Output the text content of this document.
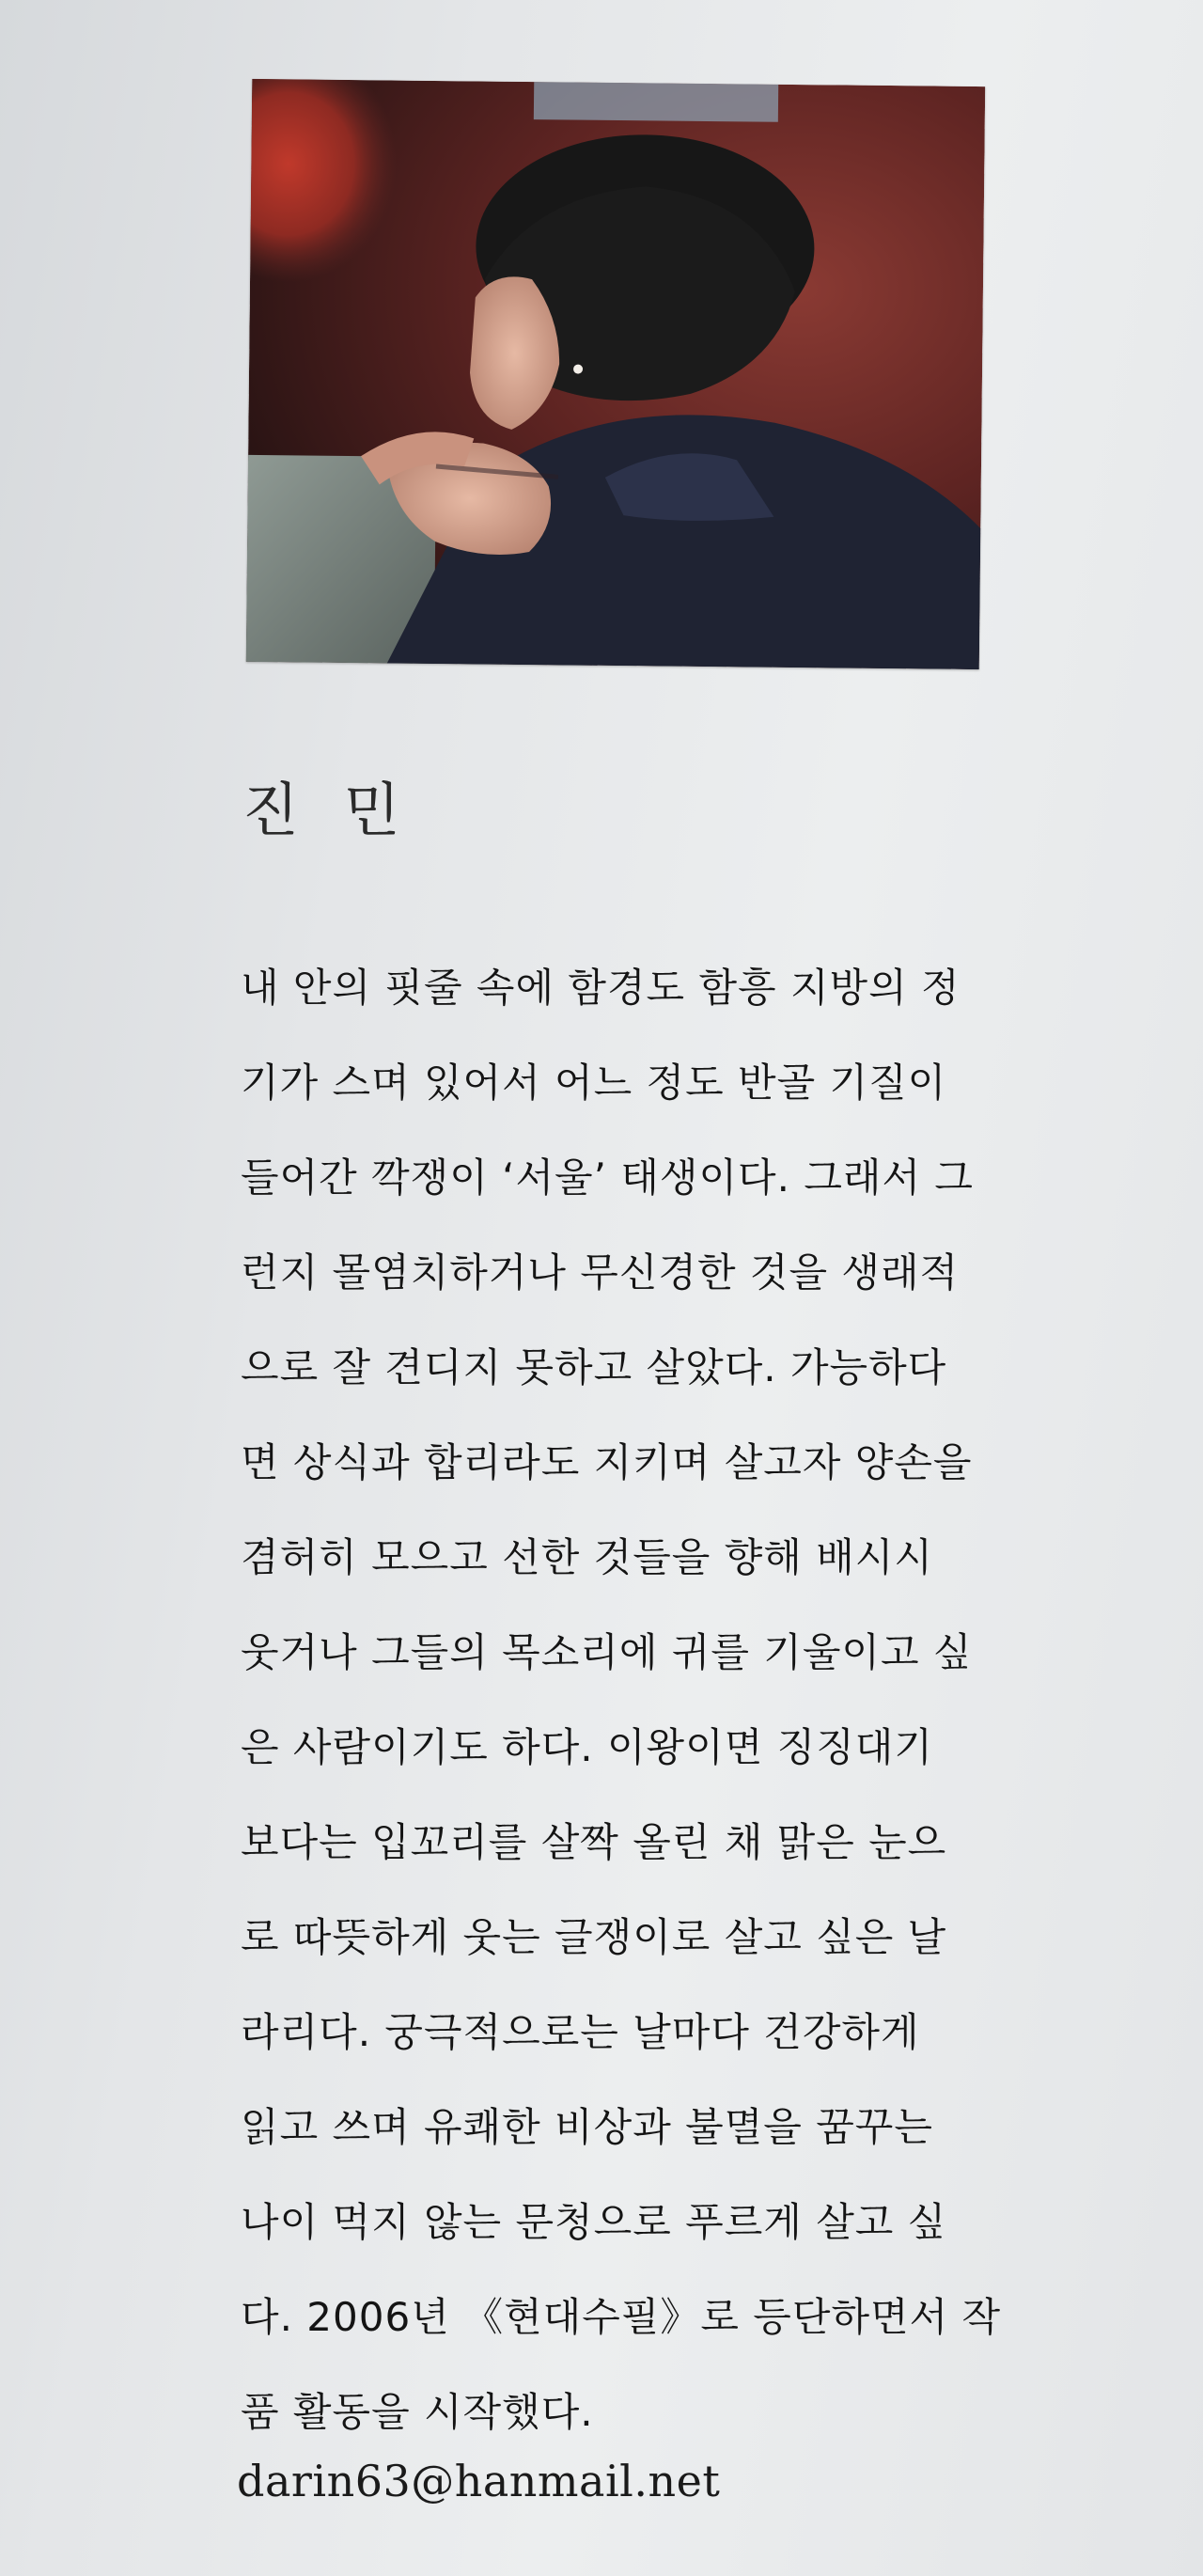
진 민
내 안의 핏줄 속에 함경도 함흥 지방의 정
기가 스며 있어서 어느 정도 반골 기질이
들어간 깍쟁이 ‘서울’ 태생이다. 그래서 그
런지 몰염치하거나 무신경한 것을 생래적
으로 잘 견디지 못하고 살았다. 가능하다
면 상식과 합리라도 지키며 살고자 양손을
겸허히 모으고 선한 것들을 향해 배시시
웃거나 그들의 목소리에 귀를 기울이고 싶
은 사람이기도 하다. 이왕이면 징징대기
보다는 입꼬리를 살짝 올린 채 맑은 눈으
로 따뜻하게 웃는 글쟁이로 살고 싶은 날
라리다. 궁극적으로는 날마다 건강하게
읽고 쓰며 유쾌한 비상과 불멸을 꿈꾸는
나이 먹지 않는 문청으로 푸르게 살고 싶
다. 2006년 《현대수필》로 등단하면서 작
품 활동을 시작했다.
darin63@hanmail.net
